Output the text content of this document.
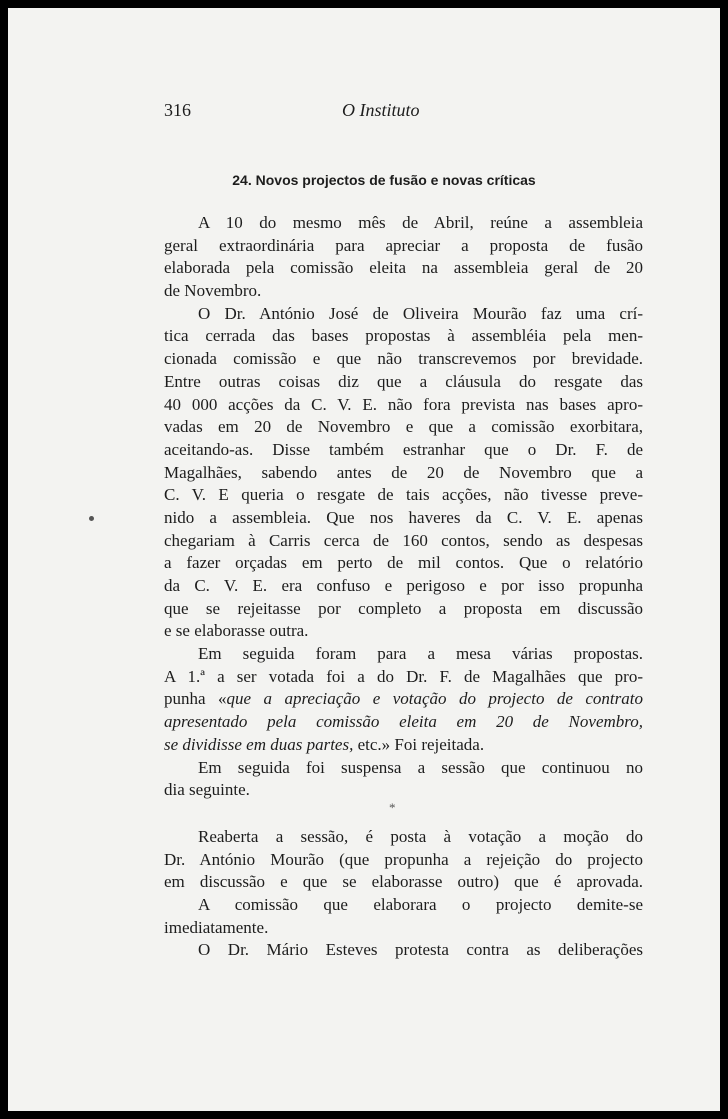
316	O Instituto
24. Novos projectos de fusão e novas críticas
A 10 do mesmo mês de Abril, reúne a assembleia
geral extraordinária para apreciar a proposta de fusão
elaborada pela comissão eleita na assembleia geral de 20
de Novembro.
O Dr. António José de Oliveira Mourão faz uma crí-
tica cerrada das bases propostas à assembléia pela men-
cionada comissão e que não transcrevemos por brevidade.
Entre outras coisas diz que a cláusula do resgate das
40 000 acções da C. V. E. não fora prevista nas bases apro-
vadas em 20 de Novembro e que a comissão exorbitara,
aceitando-as. Disse também estranhar que o Dr. F. de
Magalhães, sabendo antes de 20 de Novembro que a
C. V. E queria o resgate de tais acções, não tivesse preve-
nido a assembleia. Que nos haveres da C. V. E. apenas
chegariam à Carris cerca de 160 contos, sendo as despesas
a fazer orçadas em perto de mil contos. Que o relatório
da C. V. E. era confuso e perigoso e por isso propunha
que se rejeitasse por completo a proposta em discussão
e se elaborasse outra.
Em seguida foram para a mesa várias propostas.
A 1.ª a ser votada foi a do Dr. F. de Magalhães que pro-
punha «que a apreciação e votação do projecto de contrato
apresentado pela comissão eleita em 20 de Novembro,
se dividisse em duas partes, etc.» Foi rejeitada.
Em seguida foi suspensa a sessão que continuou no
dia seguinte.
*
Reaberta a sessão, é posta à votação a moção do
Dr. António Mourão (que propunha a rejeição do projecto
em discussão e que se elaborasse outro) que é aprovada.
A comissão que elaborara o projecto demite-se
imediatamente.
O Dr. Mário Esteves protesta contra as deliberações
